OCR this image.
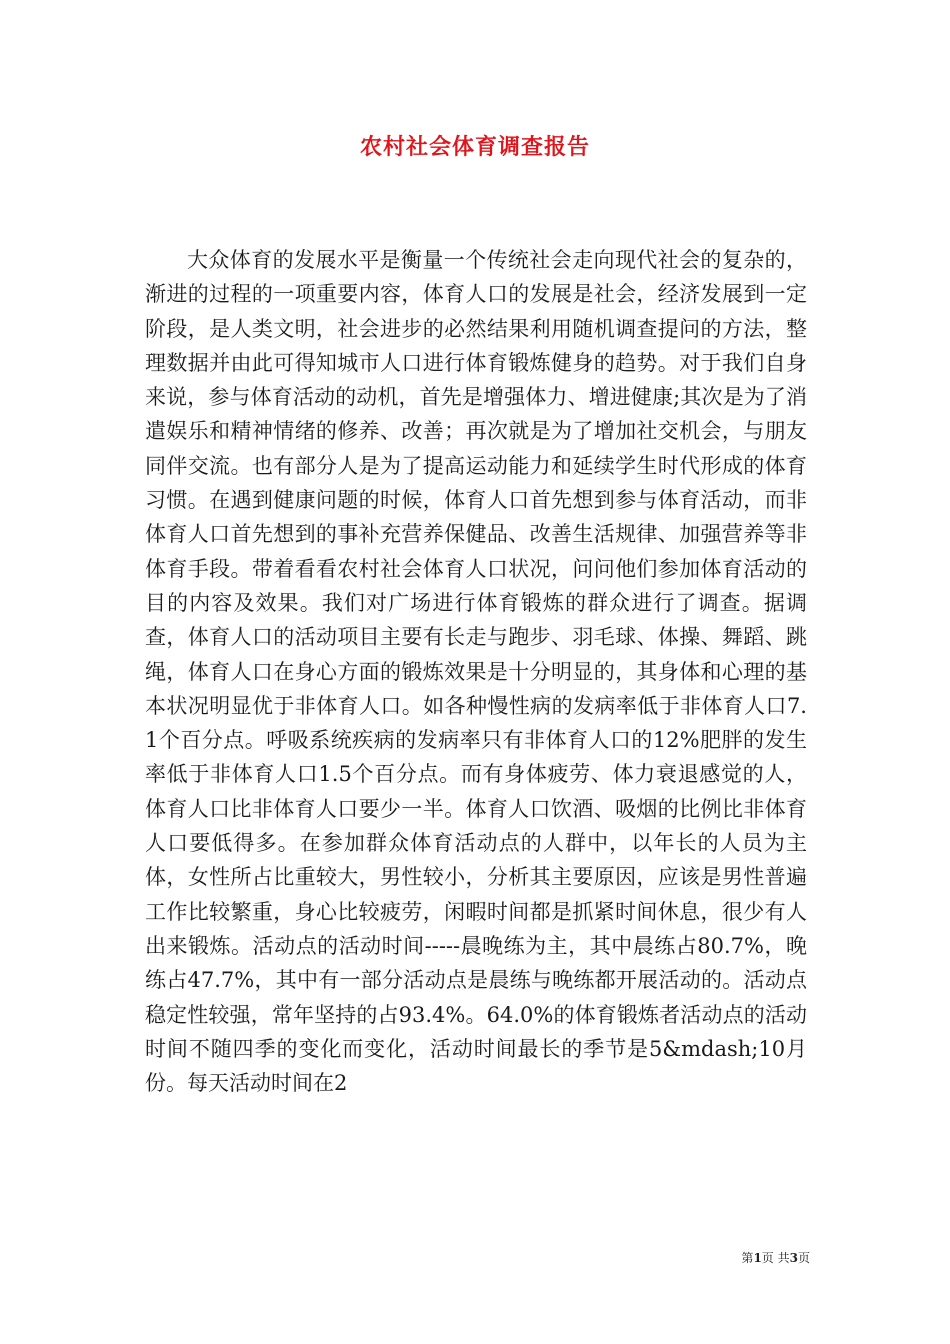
农村社会体育调查报告

大众体育的发展水平是衡量一个传统社会走向现代社会的复杂的，渐进的过程的一项重要内容，体育人口的发展是社会，经济发展到一定阶段，是人类文明，社会进步的必然结果利用随机调查提问的方法，整理数据并由此可得知城市人口进行体育锻炼健身的趋势。对于我们自身来说，参与体育活动的动机，首先是增强体力、增进健康;其次是为了消遣娱乐和精神情绪的修养、改善；再次就是为了增加社交机会，与朋友同伴交流。也有部分人是为了提高运动能力和延续学生时代形成的体育习惯。在遇到健康问题的时候，体育人口首先想到参与体育活动，而非体育人口首先想到的事补充营养保健品、改善生活规律、加强营养等非体育手段。带着看看农村社会体育人口状况，问问他们参加体育活动的目的内容及效果。我们对广场进行体育锻炼的群众进行了调查。据调查，体育人口的活动项目主要有长走与跑步、羽毛球、体操、舞蹈、跳绳，体育人口在身心方面的锻炼效果是十分明显的，其身体和心理的基本状况明显优于非体育人口。如各种慢性病的发病率低于非体育人口7.1个百分点。呼吸系统疾病的发病率只有非体育人口的12%肥胖的发生率低于非体育人口1.5个百分点。而有身体疲劳、体力衰退感觉的人，体育人口比非体育人口要少一半。体育人口饮酒、吸烟的比例比非体育人口要低得多。在参加群众体育活动点的人群中，以年长的人员为主体，女性所占比重较大，男性较小，分析其主要原因，应该是男性普遍工作比较繁重，身心比较疲劳，闲暇时间都是抓紧时间休息，很少有人出来锻炼。活动点的活动时间-----晨晚练为主，其中晨练占80.7%，晚练占47.7%，其中有一部分活动点是晨练与晚练都开展活动的。活动点稳定性较强，常年坚持的占93.4%。64.0%的体育锻炼者活动点的活动时间不随四季的变化而变化，活动时间最长的季节是5&mdash;10月份。每天活动时间在2

第1页 共3页
